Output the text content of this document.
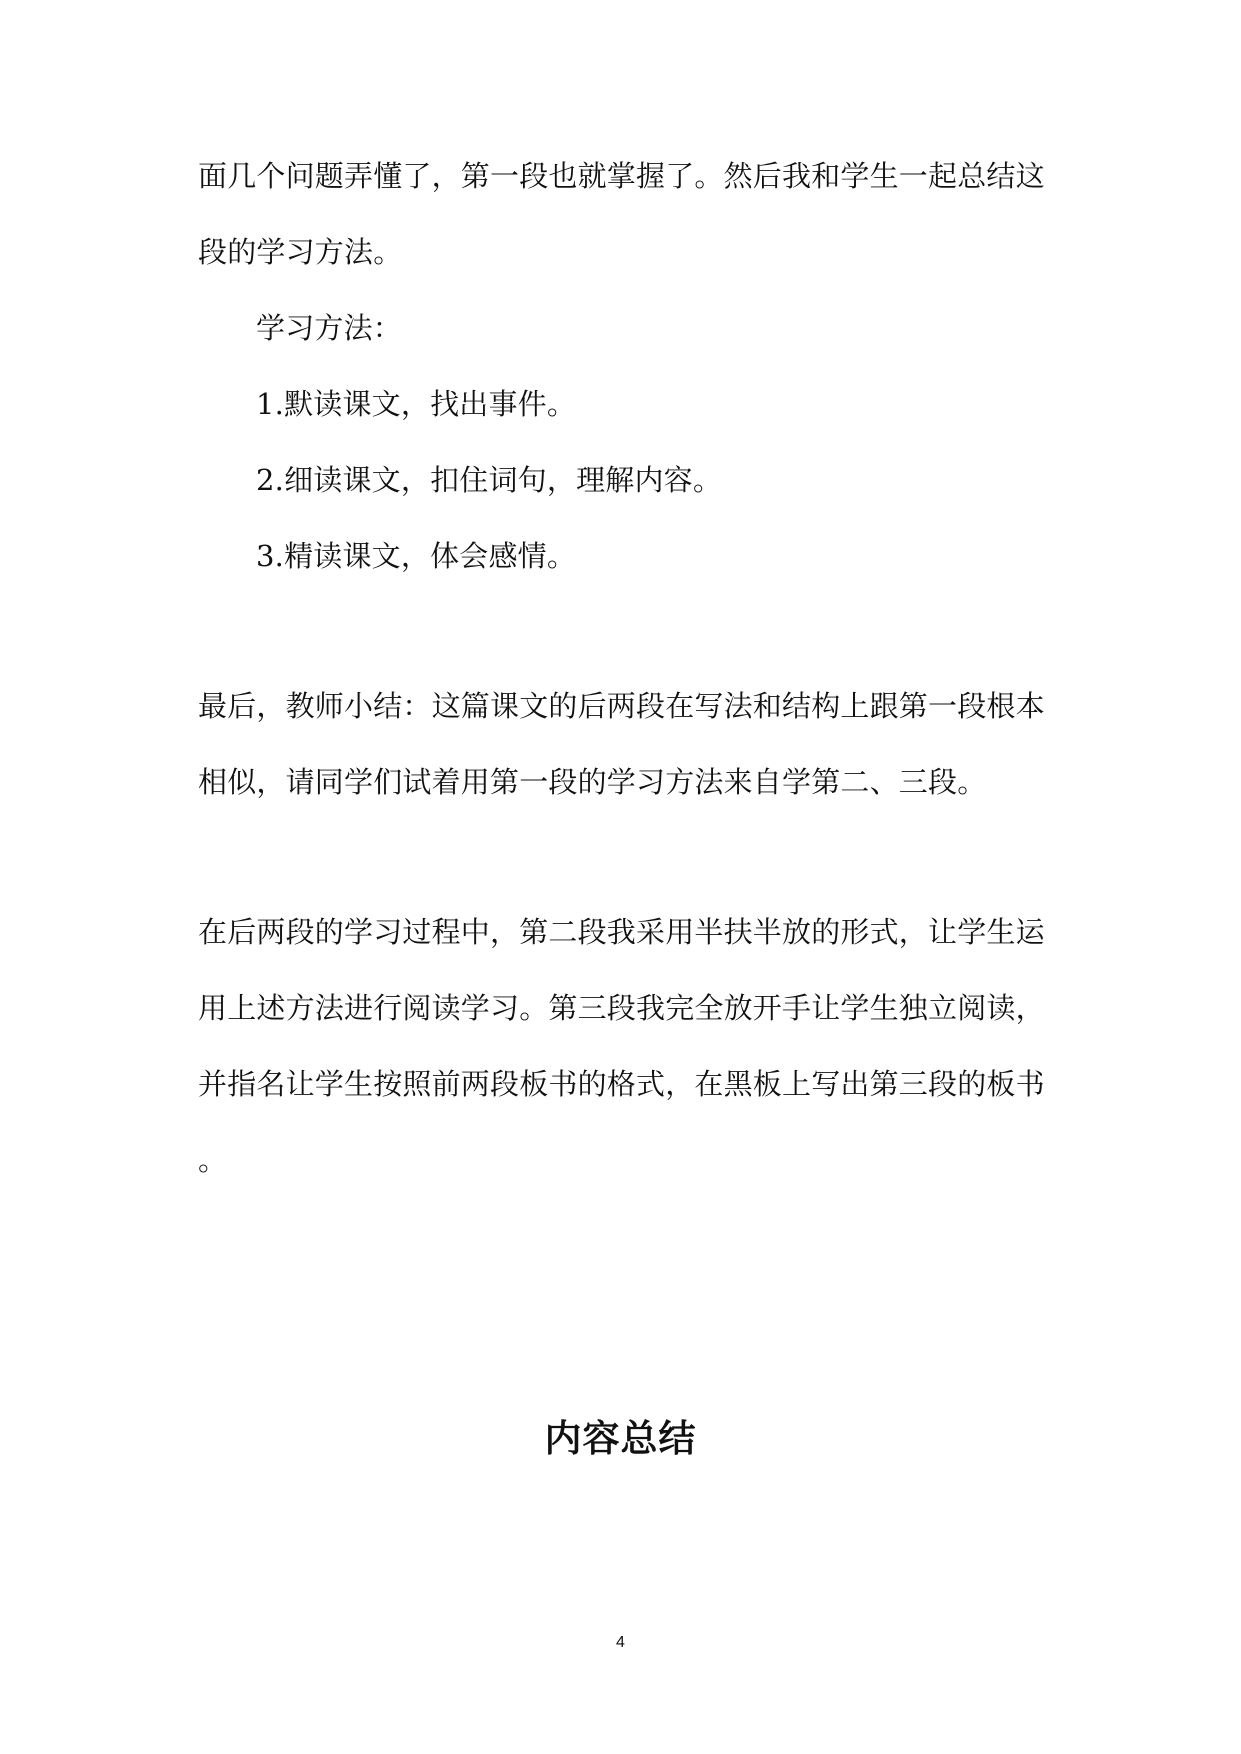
面几个问题弄懂了，第一段也就掌握了。然后我和学生一起总结这
段的学习方法。
学习方法：
1.默读课文，找出事件。
2.细读课文，扣住词句，理解内容。
3.精读课文，体会感情。
最后，教师小结：这篇课文的后两段在写法和结构上跟第一段根本
相似，请同学们试着用第一段的学习方法来自学第二、三段。
在后两段的学习过程中，第二段我采用半扶半放的形式，让学生运
用上述方法进行阅读学习。第三段我完全放开手让学生独立阅读，
并指名让学生按照前两段板书的格式，在黑板上写出第三段的板书
。
内容总结
4
